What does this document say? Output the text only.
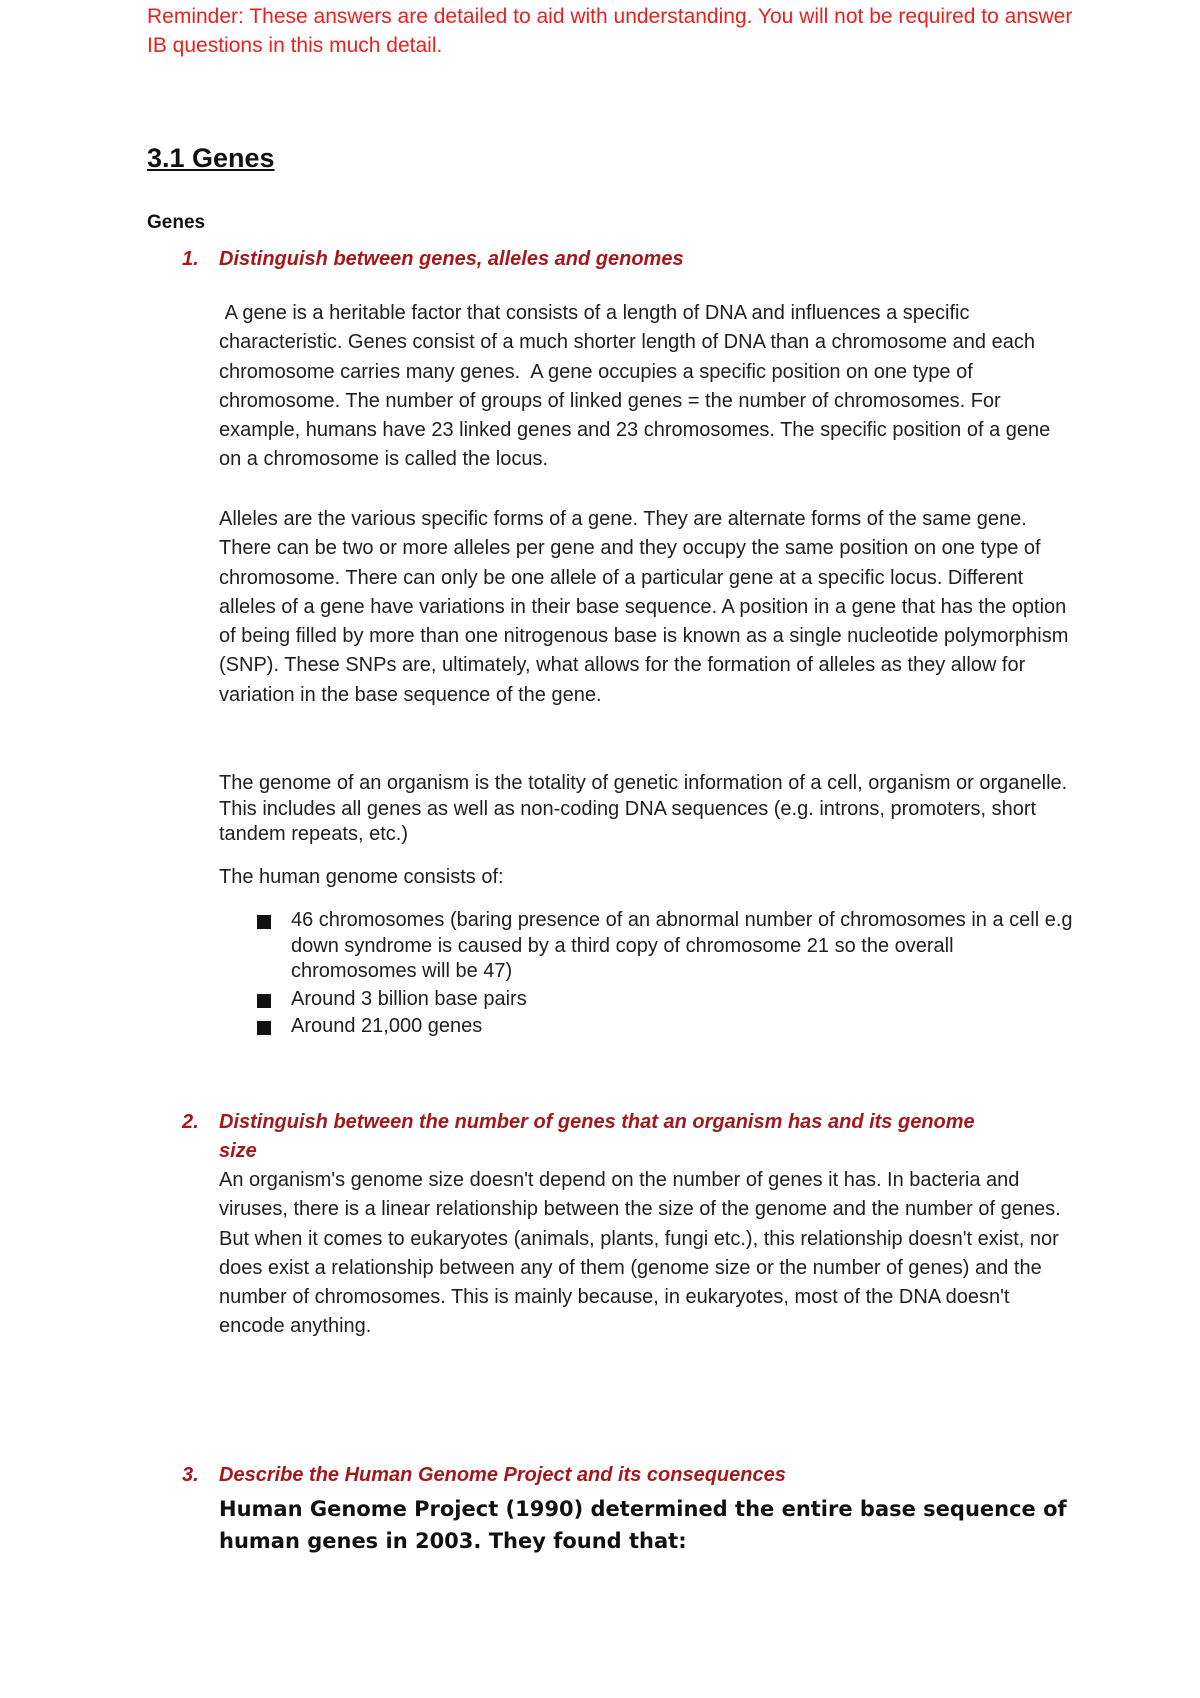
Reminder: These answers are detailed to aid with understanding. You will not be required to answer IB questions in this much detail.

3.1 Genes
Genes
1. Distinguish between genes, alleles and genomes

A gene is a heritable factor that consists of a length of DNA and influences a specific characteristic. Genes consist of a much shorter length of DNA than a chromosome and each chromosome carries many genes.  A gene occupies a specific position on one type of chromosome. The number of groups of linked genes = the number of chromosomes. For example, humans have 23 linked genes and 23 chromosomes. The specific position of a gene on a chromosome is called the locus.

Alleles are the various specific forms of a gene. They are alternate forms of the same gene. There can be two or more alleles per gene and they occupy the same position on one type of chromosome. There can only be one allele of a particular gene at a specific locus. Different alleles of a gene have variations in their base sequence. A position in a gene that has the option of being filled by more than one nitrogenous base is known as a single nucleotide polymorphism (SNP). These SNPs are, ultimately, what allows for the formation of alleles as they allow for variation in the base sequence of the gene.

The genome of an organism is the totality of genetic information of a cell, organism or organelle. This includes all genes as well as non-coding DNA sequences (e.g. introns, promoters, short tandem repeats, etc.)

The human genome consists of:

46 chromosomes (baring presence of an abnormal number of chromosomes in a cell e.g down syndrome is caused by a third copy of chromosome 21 so the overall chromosomes will be 47)
Around 3 billion base pairs
Around 21,000 genes
2. Distinguish between the number of genes that an organism has and its genome size

An organism's genome size doesn't depend on the number of genes it has. In bacteria and viruses, there is a linear relationship between the size of the genome and the number of genes. But when it comes to eukaryotes (animals, plants, fungi etc.), this relationship doesn't exist, nor does exist a relationship between any of them (genome size or the number of genes) and the number of chromosomes. This is mainly because, in eukaryotes, most of the DNA doesn't encode anything.

3. Describe the Human Genome Project and its consequences

Human Genome Project (1990) determined the entire base sequence of human genes in 2003. They found that:
